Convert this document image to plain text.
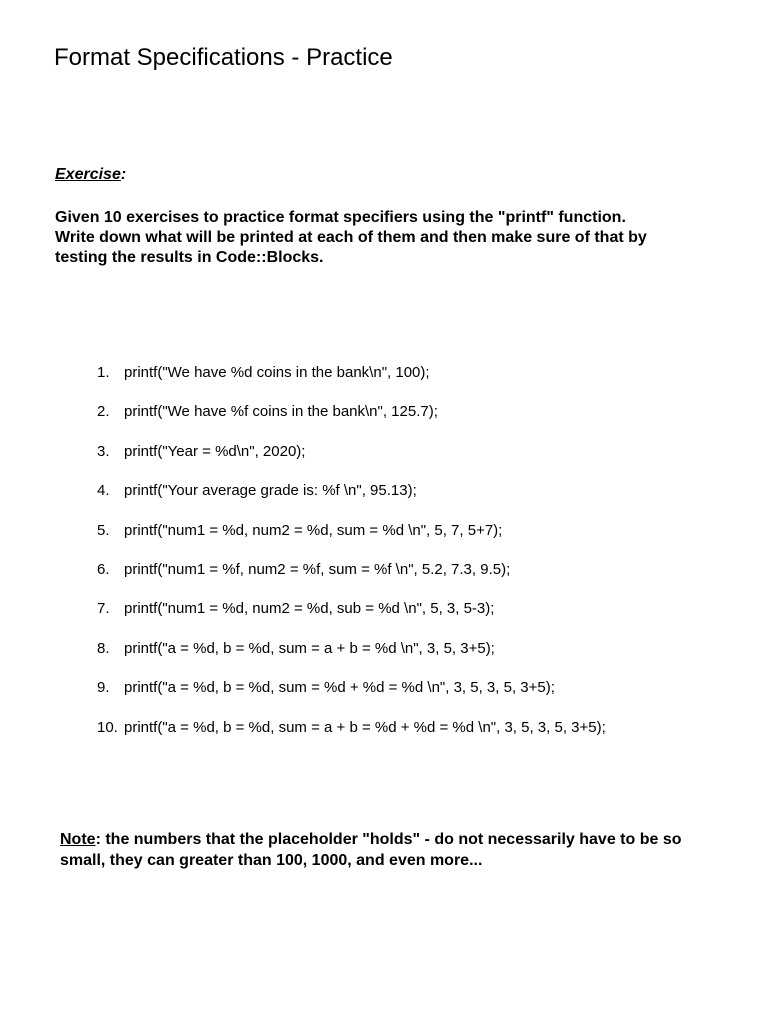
Format Specifications - Practice
Exercise:
Given 10 exercises to practice format specifiers using the "printf" function.
Write down what will be printed at each of them and then make sure of that by
testing the results in Code::Blocks.
1. printf("We have %d coins in the bank\n", 100);
2. printf("We have %f coins in the bank\n", 125.7);
3. printf("Year = %d\n", 2020);
4. printf("Your average grade is: %f \n", 95.13);
5. printf("num1 = %d, num2 = %d, sum = %d \n", 5, 7, 5+7);
6. printf("num1 = %f, num2 = %f, sum = %f \n", 5.2, 7.3, 9.5);
7. printf("num1 = %d, num2 = %d, sub = %d \n", 5, 3, 5-3);
8. printf("a = %d, b = %d, sum = a + b = %d \n", 3, 5, 3+5);
9. printf("a = %d, b = %d, sum = %d + %d = %d \n", 3, 5, 3, 5, 3+5);
10. printf("a = %d, b = %d, sum = a + b = %d + %d = %d \n", 3, 5, 3, 5, 3+5);
Note: the numbers that the placeholder "holds" - do not necessarily have to be so
small, they can greater than 100, 1000, and even more...
